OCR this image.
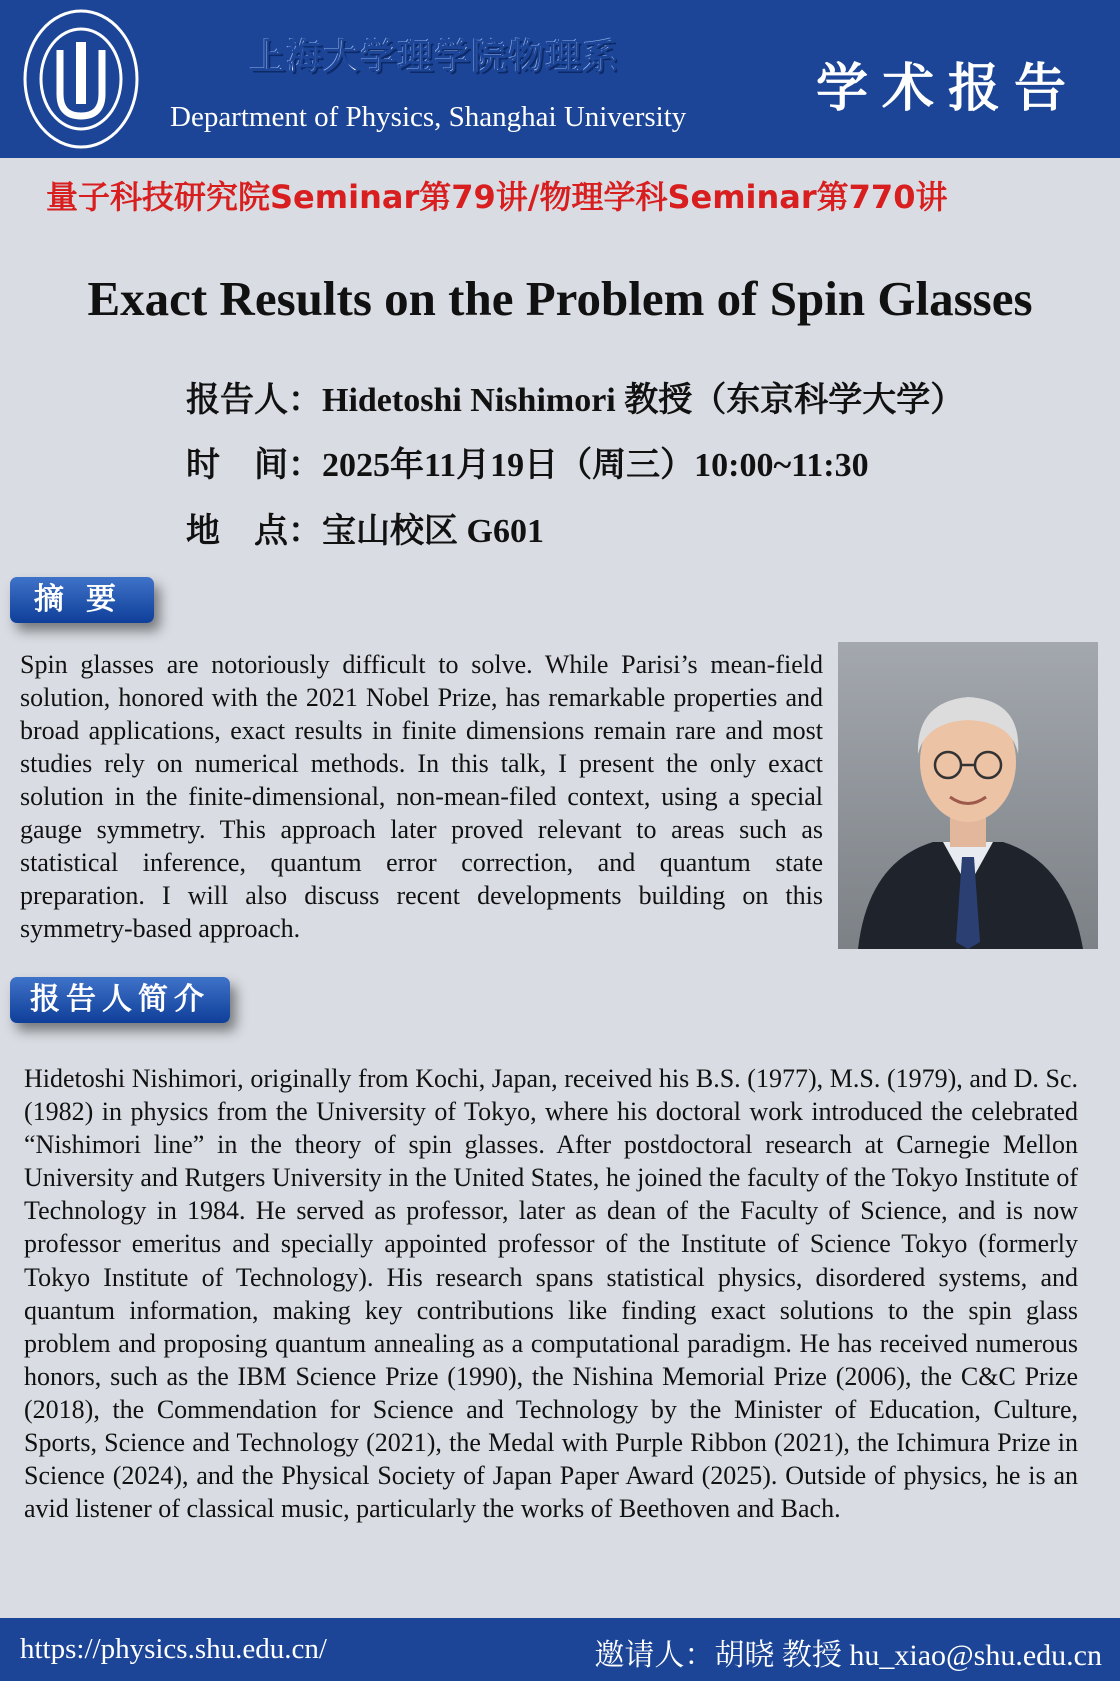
上海大学理学院物理系
Department of Physics, Shanghai University 学术报告
量子科技研究院Seminar第79讲/物理学科Seminar第770讲
Exact Results on the Problem of Spin Glasses
报告人：Hidetoshi Nishimori 教授（东京科学大学）
时　间：2025年11月19日（周三）10:00~11:30
地　点：宝山校区 G601
摘要
Spin glasses are notoriously difficult to solve. While Parisi’s mean-field solution, honored with the 2021 Nobel Prize, has remarkable properties and broad applications, exact results in finite dimensions remain rare and most studies rely on numerical methods. In this talk, I present the only exact solution in the finite-dimensional, non-mean-filed context, using a special gauge symmetry. This approach later proved relevant to areas such as statistical inference, quantum error correction, and quantum state preparation. I will also discuss recent developments building on this symmetry-based approach.
报告人简介
Hidetoshi Nishimori, originally from Kochi, Japan, received his B.S. (1977), M.S. (1979), and D. Sc. (1982) in physics from the University of Tokyo, where his doctoral work introduced the celebrated “Nishimori line” in the theory of spin glasses. After postdoctoral research at Carnegie Mellon University and Rutgers University in the United States, he joined the faculty of the Tokyo Institute of Technology in 1984. He served as professor, later as dean of the Faculty of Science, and is now professor emeritus and specially appointed professor of the Institute of Science Tokyo (formerly Tokyo Institute of Technology). His research spans statistical physics, disordered systems, and quantum information, making key contributions like finding exact solutions to the spin glass problem and proposing quantum annealing as a computational paradigm. He has received numerous honors, such as the IBM Science Prize (1990), the Nishina Memorial Prize (2006), the C&C Prize (2018), the Commendation for Science and Technology by the Minister of Education, Culture, Sports, Science and Technology (2021), the Medal with Purple Ribbon (2021), the Ichimura Prize in Science (2024), and the Physical Society of Japan Paper Award (2025). Outside of physics, he is an avid listener of classical music, particularly the works of Beethoven and Bach.
https://physics.shu.edu.cn/	邀请人：胡晓 教授 hu_xiao@shu.edu.cn
